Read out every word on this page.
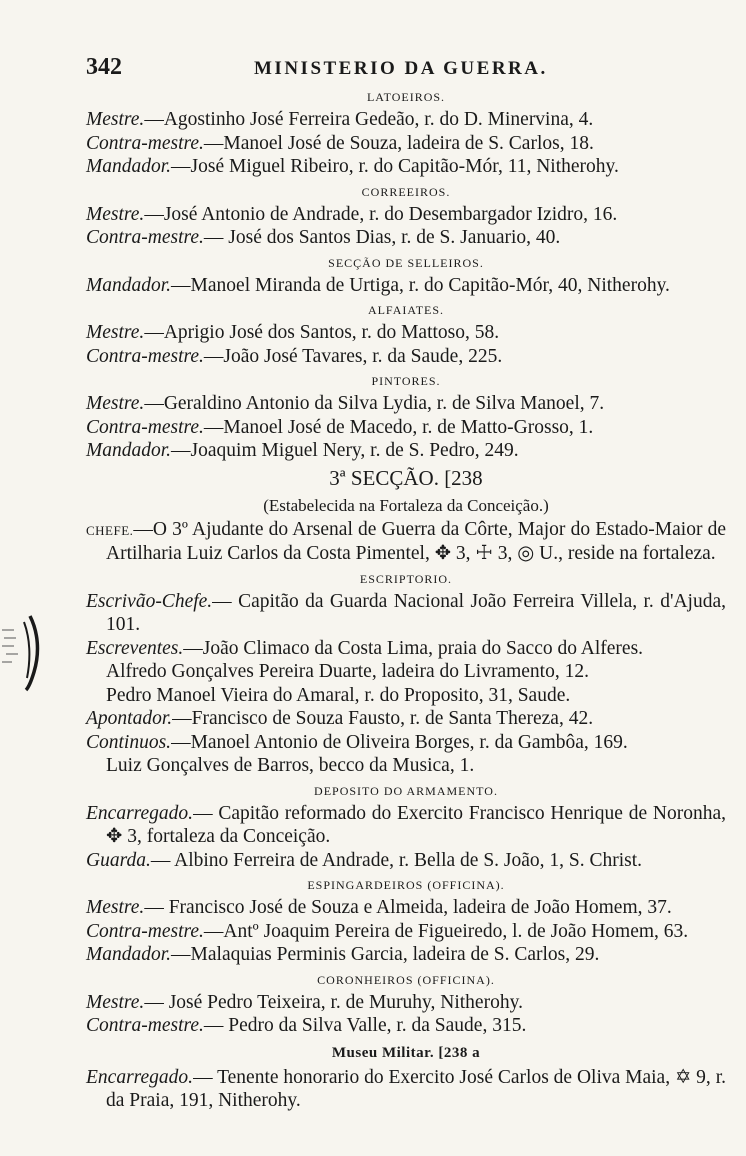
342	MINISTERIO DA GUERRA.

LATOEIROS.

Mestre.—Agostinho José Ferreira Gedeão, r. do D. Minervina, 4.

Contra-mestre.—Manoel José de Souza, ladeira de S. Carlos, 18.

Mandador.—José Miguel Ribeiro, r. do Capitão-Mór, 11, Nitherohy.

CORREEIROS.

Mestre.—José Antonio de Andrade, r. do Desembargador Izidro, 16.

Contra-mestre.— José dos Santos Dias, r. de S. Januario, 40.

SECÇÃO DE SELLEIROS.

Mandador.—Manoel Miranda de Urtiga, r. do Capitão-Mór, 40, Nitherohy.

ALFAIATES.

Mestre.—Aprigio José dos Santos, r. do Mattoso, 58.

Contra-mestre.—João José Tavares, r. da Saude, 225.

PINTORES.

Mestre.—Geraldino Antonio da Silva Lydia, r. de Silva Manoel, 7.

Contra-mestre.—Manoel José de Macedo, r. de Matto-Grosso, 1.

Mandador.—Joaquim Miguel Nery, r. de S. Pedro, 249.

3ª SECÇÃO. [238

(Estabelecida na Fortaleza da Conceição.)

CHEFE.—O 3º Ajudante do Arsenal de Guerra da Côrte, Major do Estado-Maior de Artilharia Luiz Carlos da Costa Pimentel, ✥ 3, ☩ 3, ◎ U., reside na fortaleza.

ESCRIPTORIO.

Escrivão-Chefe.— Capitão da Guarda Nacional João Ferreira Villela, r. d'Ajuda, 101.

Escreventes.—João Climaco da Costa Lima, praia do Sacco do Alferes.

Alfredo Gonçalves Pereira Duarte, ladeira do Livramento, 12.

Pedro Manoel Vieira do Amaral, r. do Proposito, 31, Saude.

Apontador.—Francisco de Souza Fausto, r. de Santa Thereza, 42.

Continuos.—Manoel Antonio de Oliveira Borges, r. da Gambôa, 169.

Luiz Gonçalves de Barros, becco da Musica, 1.

DEPOSITO DO ARMAMENTO.

Encarregado.— Capitão reformado do Exercito Francisco Henrique de Noronha, ✥ 3, fortaleza da Conceição.

Guarda.— Albino Ferreira de Andrade, r. Bella de S. João, 1, S. Christ.

ESPINGARDEIROS (OFFICINA).

Mestre.— Francisco José de Souza e Almeida, ladeira de João Homem, 37.

Contra-mestre.—Antº Joaquim Pereira de Figueiredo, l. de João Homem, 63.

Mandador.—Malaquias Perminis Garcia, ladeira de S. Carlos, 29.

CORONHEIROS (OFFICINA).

Mestre.— José Pedro Teixeira, r. de Muruhy, Nitherohy.

Contra-mestre.— Pedro da Silva Valle, r. da Saude, 315.

Museu Militar. [238 a

Encarregado.— Tenente honorario do Exercito José Carlos de Oliva Maia, ✡ 9, r. da Praia, 191, Nitherohy.
